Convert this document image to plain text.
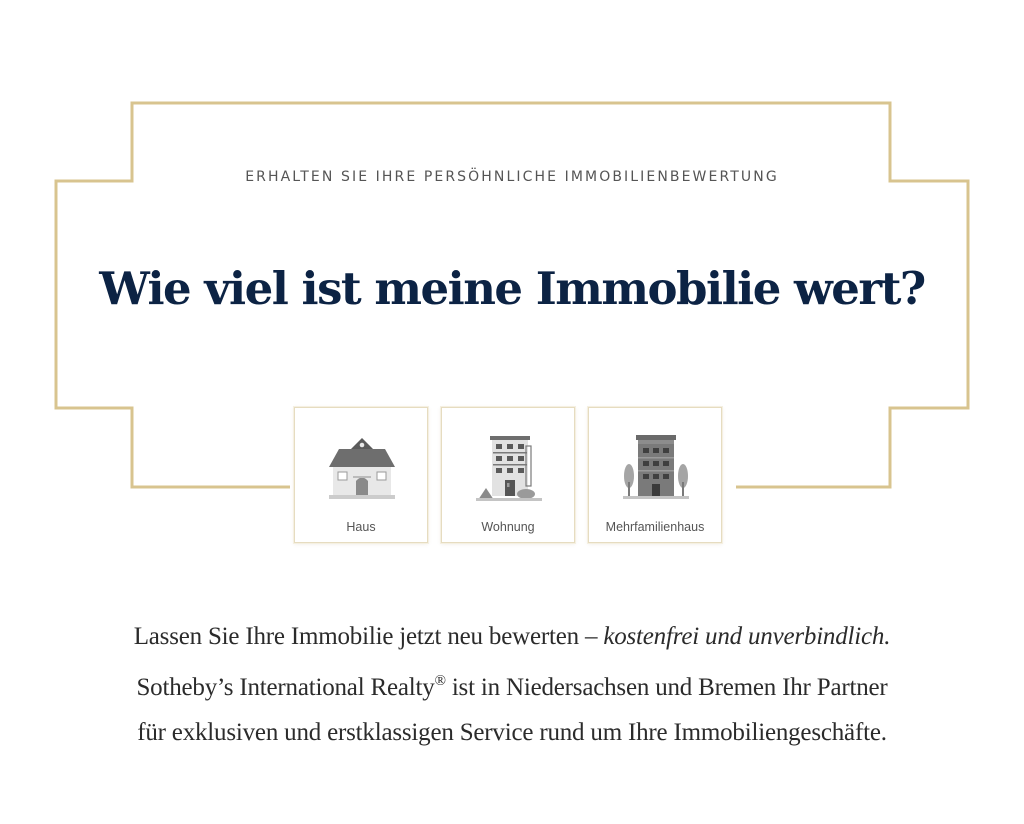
ERHALTEN SIE IHRE PERSÖHNLICHE IMMOBILIENBEWERTUNG
Wie viel ist meine Immobilie wert?
Haus	Wohnung	Mehrfamilienhaus

Lassen Sie Ihre Immobilie jetzt neu bewerten – kostenfrei und unverbindlich.

Sotheby’s International Realty® ist in Niedersachsen und Bremen Ihr Partner

für exklusiven und erstklassigen Service rund um Ihre Immobiliengeschäfte.
